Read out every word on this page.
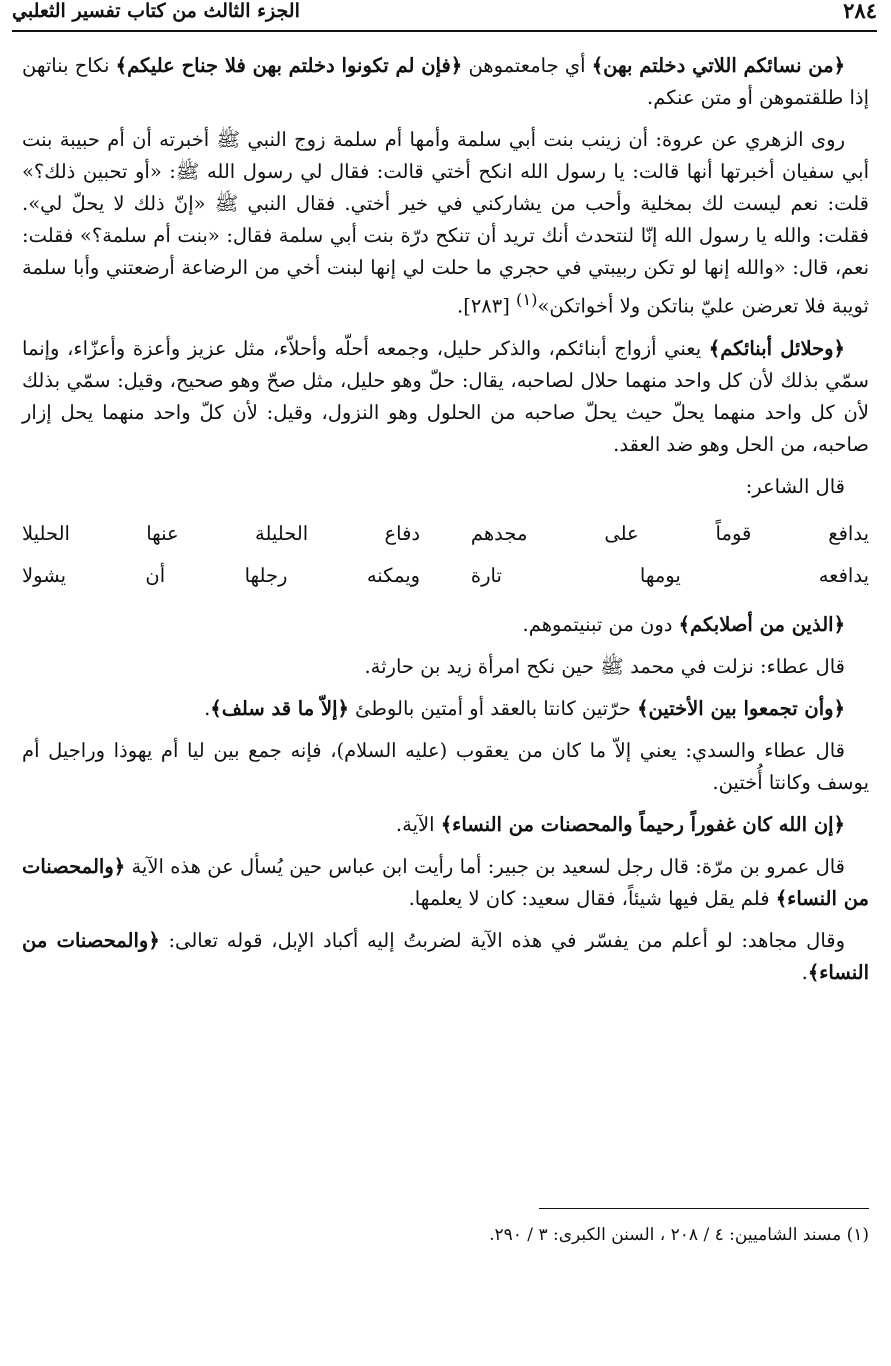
٢٨٤
الجزء الثالث من كتاب تفسير الثعلبي

﴿من نسائكم اللاتي دخلتم بهن﴾ أي جامعتموهن ﴿فإن لم تكونوا دخلتم بهن فلا جناح عليكم﴾ نكاح بناتهن إذا طلقتموهن أو متن عنكم.

روى الزهري عن عروة: أن زينب بنت أبي سلمة وأمها أم سلمة زوج النبي ﷺ أخبرته أن أم حبيبة بنت أبي سفيان أخبرتها أنها قالت: يا رسول الله انكح أختي قالت: فقال لي رسول الله ﷺ: «أو تحبين ذلك؟» قلت: نعم ليست لك بمخلية وأحب من يشاركني في خير أختي. فقال النبي ﷺ «إنّ ذلك لا يحلّ لي». فقلت: والله يا رسول الله إنّا لنتحدث أنك تريد أن تنكح درّة بنت أبي سلمة فقال: «بنت أم سلمة؟» فقلت: نعم، قال: «والله إنها لو تكن ربيبتي في حجري ما حلت لي إنها لبنت أخي من الرضاعة أرضعتني وأبا سلمة ثويبة فلا تعرضن عليّ بناتكن ولا أخواتكن»$^{(١)}$ [٢٨٣].

﴿وحلائل أبنائكم﴾ يعني أزواج أبنائكم، والذكر حليل، وجمعه أحلّه وأحلاّء، مثل عزيز وأعزة وأعزّاء، وإنما سمّي بذلك لأن كل واحد منهما حلال لصاحبه، يقال: حلّ وهو حليل، مثل صحّ وهو صحيح، وقيل: سمّي بذلك لأن كل واحد منهما يحلّ حيث يحلّ صاحبه من الحلول وهو النزول، وقيل: لأن كلّ واحد منهما يحل إزار صاحبه، من الحل وهو ضد العقد.

قال الشاعر:

يدافع قوماً على مجدهم
دفاع الحليلة عنها الحليلا
يدافعه يومها تارة
ويمكنه رجلها أن يشولا

﴿الذين من أصلابكم﴾ دون من تبنيتموهم.

قال عطاء: نزلت في محمد ﷺ حين نكح امرأة زيد بن حارثة.

﴿وأن تجمعوا بين الأختين﴾ حرّتين كانتا بالعقد أو أمتين بالوطئ ﴿إلاّ ما قد سلف﴾.

قال عطاء والسدي: يعني إلاّ ما كان من يعقوب (عليه السلام)، فإنه جمع بين ليا أم يهوذا وراجيل أم يوسف وكانتا أُختين.

﴿إن الله كان غفوراً رحيماً والمحصنات من النساء﴾ الآية.

قال عمرو بن مرّة: قال رجل لسعيد بن جبير: أما رأيت ابن عباس حين يُسأل عن هذه الآية ﴿والمحصنات من النساء﴾ فلم يقل فيها شيئاً، فقال سعيد: كان لا يعلمها.

وقال مجاهد: لو أعلم من يفسّر في هذه الآية لضربتُ إليه أكباد الإبل، قوله تعالى: ﴿والمحصنات من النساء﴾.

(١) مسند الشاميين: ٤ / ٢٠٨ ، السنن الكبرى: ٣ / ٢٩٠.
